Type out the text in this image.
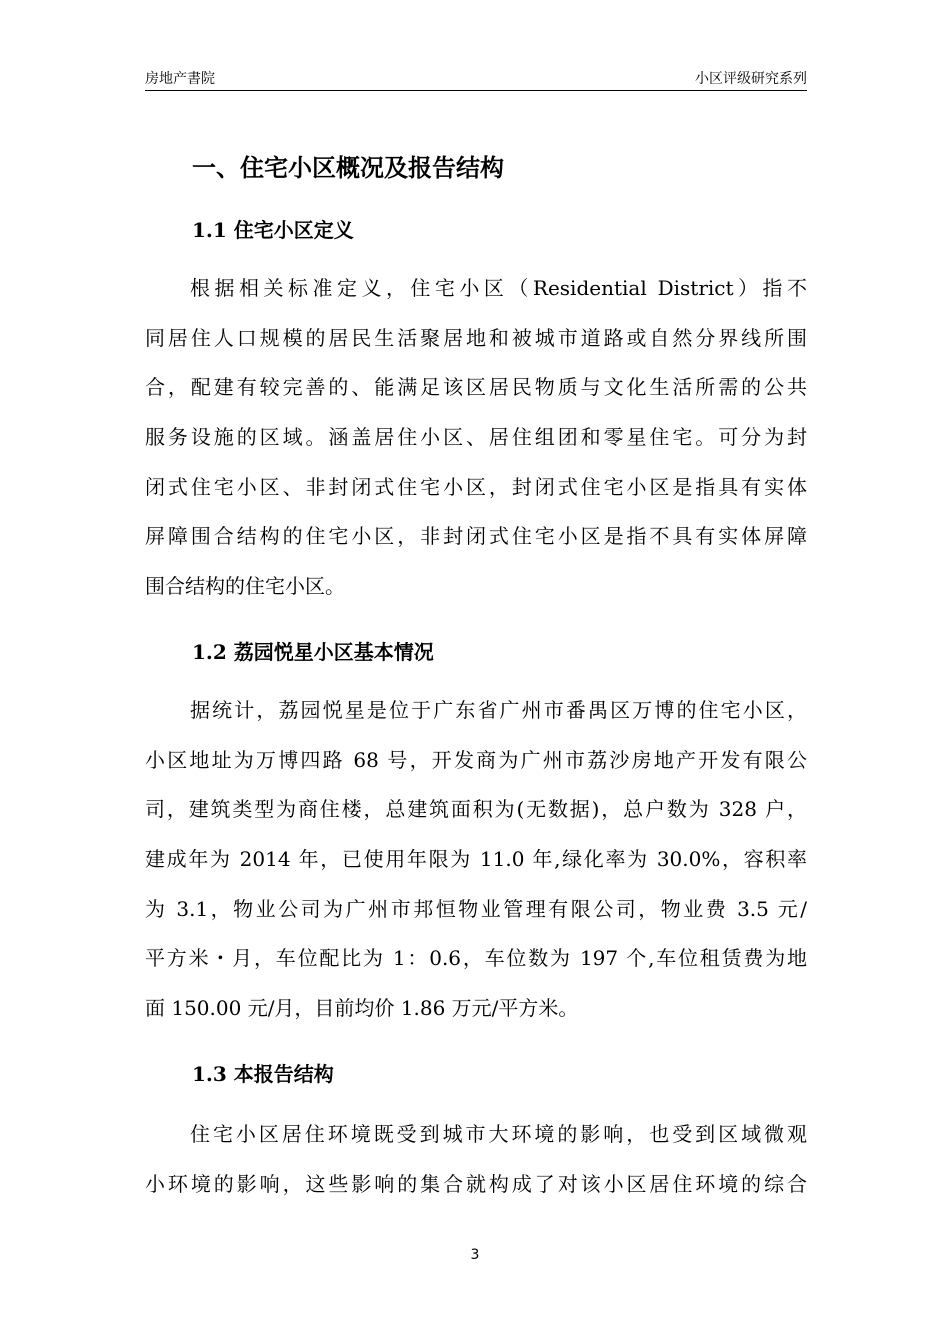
房地产書院	小区评级研究系列
一、住宅小区概况及报告结构
1.1 住宅小区定义
根据相关标准定义，住宅小区（Residential District）指不
同居住人口规模的居民生活聚居地和被城市道路或自然分界线所围
合，配建有较完善的、能满足该区居民物质与文化生活所需的公共
服务设施的区域。涵盖居住小区、居住组团和零星住宅。可分为封
闭式住宅小区、非封闭式住宅小区，封闭式住宅小区是指具有实体
屏障围合结构的住宅小区，非封闭式住宅小区是指不具有实体屏障
围合结构的住宅小区。
1.2 荔园悦星小区基本情况
据统计，荔园悦星是位于广东省广州市番禺区万博的住宅小区，
小区地址为万博四路 68 号，开发商为广州市荔沙房地产开发有限公
司，建筑类型为商住楼，总建筑面积为(无数据)，总户数为 328 户，
建成年为 2014 年，已使用年限为 11.0 年,绿化率为 30.0%，容积率
为 3.1，物业公司为广州市邦恒物业管理有限公司，物业费 3.5 元/
平方米・月，车位配比为 1：0.6，车位数为 197 个,车位租赁费为地
面 150.00 元/月，目前均价 1.86 万元/平方米。
1.3 本报告结构
住宅小区居住环境既受到城市大环境的影响，也受到区域微观
小环境的影响，这些影响的集合就构成了对该小区居住环境的综合
3
